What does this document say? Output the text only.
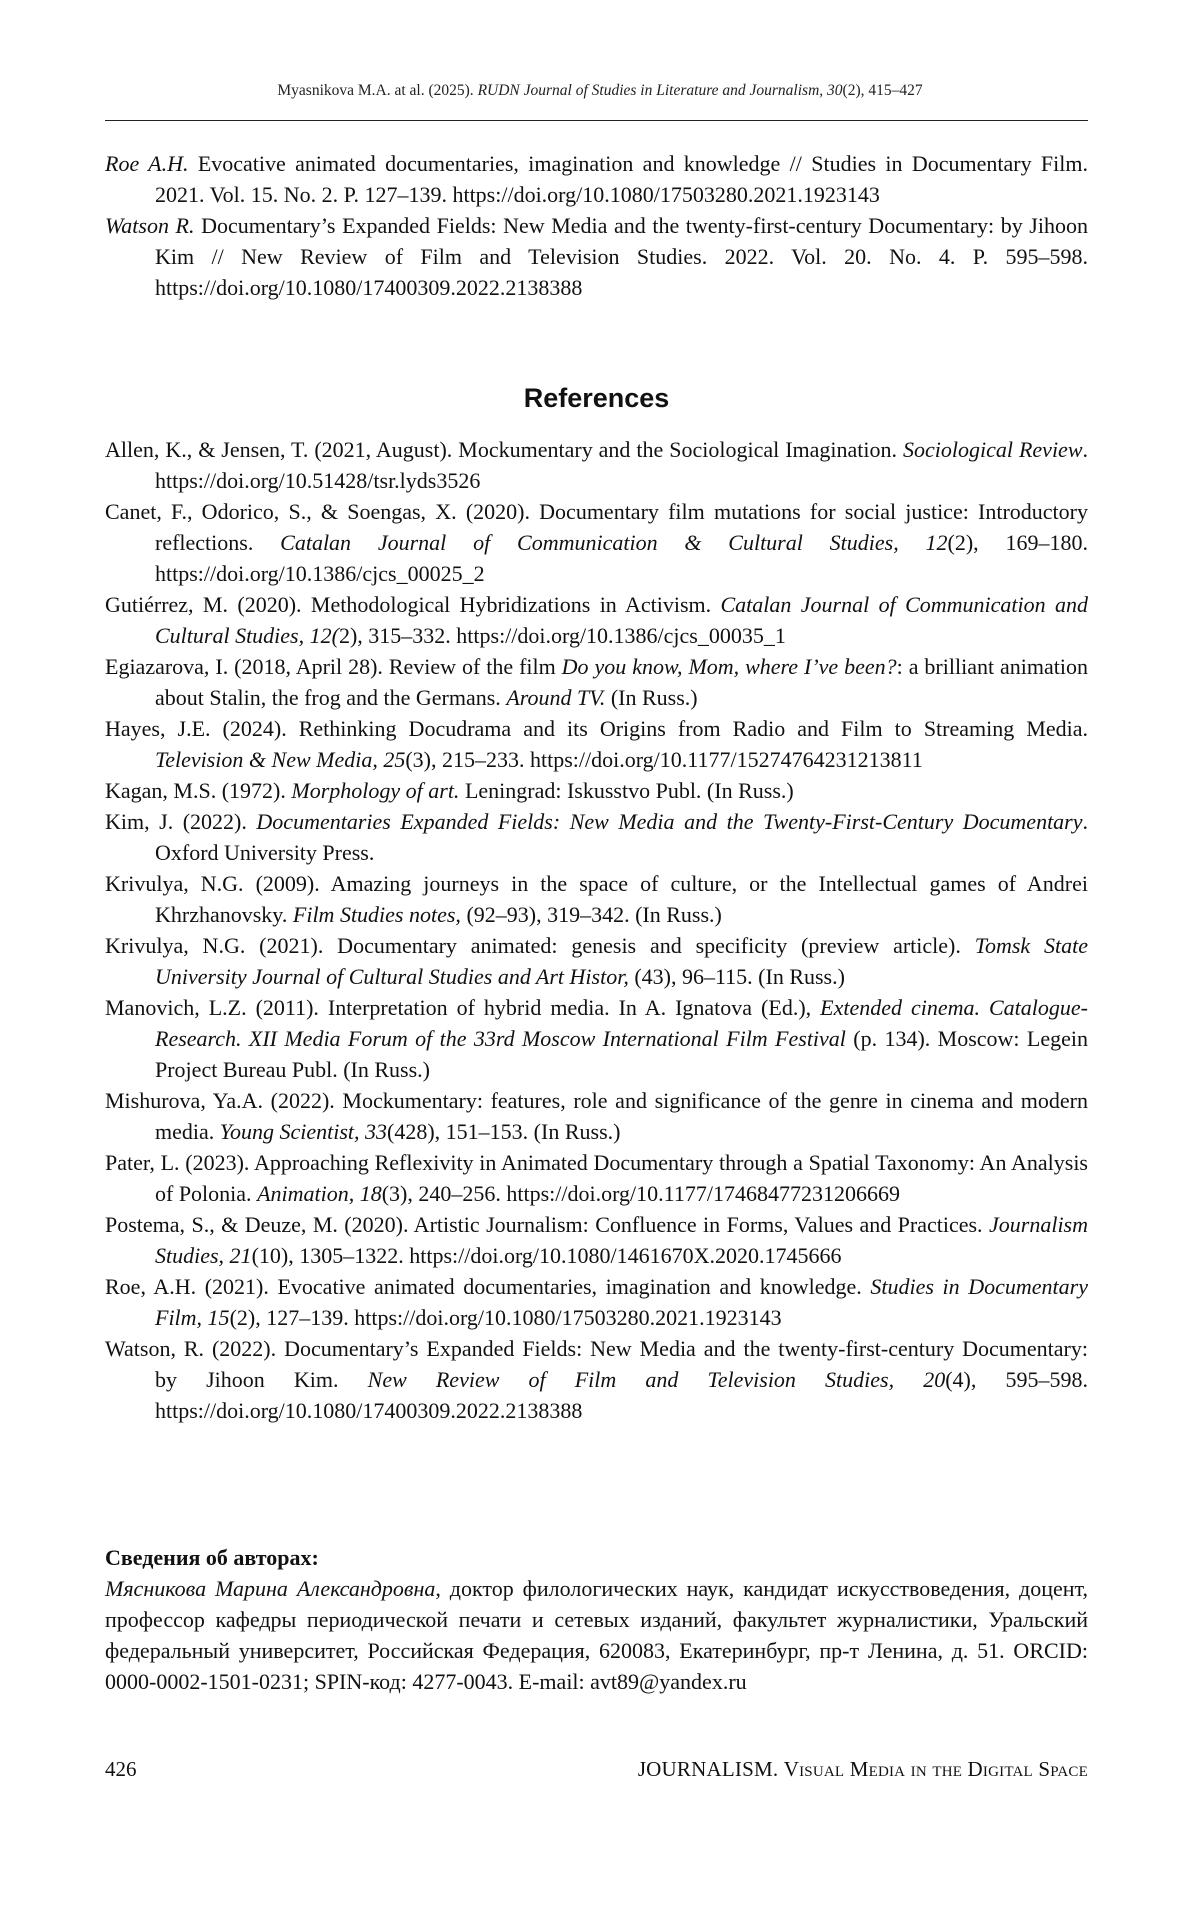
Myasnikova M.A. at al. (2025). RUDN Journal of Studies in Literature and Journalism, 30(2), 415–427

Roe A.H. Evocative animated documentaries, imagination and knowledge // Studies in Documentary Film. 2021. Vol. 15. No. 2. P. 127–139. https://doi.org/10.1080/17503280.2021.1923143

Watson R. Documentary’s Expanded Fields: New Media and the twenty-first-century Documentary: by Jihoon Kim // New Review of Film and Television Studies. 2022. Vol. 20. No. 4. P. 595–598. https://doi.org/10.1080/17400309.2022.2138388

References

Allen, K., & Jensen, T. (2021, August). Mockumentary and the Sociological Imagination. Sociological Review. https://doi.org/10.51428/tsr.lyds3526

Canet, F., Odorico, S., & Soengas, X. (2020). Documentary film mutations for social justice: Introductory reflections. Catalan Journal of Communication & Cultural Studies, 12(2), 169–180. https://doi.org/10.1386/cjcs_00025_2

Gutiérrez, M. (2020). Methodological Hybridizations in Activism. Catalan Journal of Communication and Cultural Studies, 12(2), 315–332. https://doi.org/10.1386/cjcs_00035_1

Egiazarova, I. (2018, April 28). Review of the film Do you know, Mom, where I’ve been?: a brilliant animation about Stalin, the frog and the Germans. Around TV. (In Russ.)

Hayes, J.E. (2024). Rethinking Docudrama and its Origins from Radio and Film to Streaming Media. Television & New Media, 25(3), 215–233. https://doi.org/10.1177/15274764231213811

Kagan, M.S. (1972). Morphology of art. Leningrad: Iskusstvo Publ. (In Russ.)

Kim, J. (2022). Documentaries Expanded Fields: New Media and the Twenty-First-Century Documentary. Oxford University Press.

Krivulya, N.G. (2009). Amazing journeys in the space of culture, or the Intellectual games of Andrei Khrzhanovsky. Film Studies notes, (92–93), 319–342. (In Russ.)

Krivulya, N.G. (2021). Documentary animated: genesis and specificity (preview article). Tomsk State University Journal of Cultural Studies and Art Histor, (43), 96–115. (In Russ.)

Manovich, L.Z. (2011). Interpretation of hybrid media. In A. Ignatova (Ed.), Extended cinema. Catalogue-Research. XII Media Forum of the 33rd Moscow International Film Festival (p. 134). Moscow: Legein Project Bureau Publ. (In Russ.)

Mishurova, Ya.A. (2022). Mockumentary: features, role and significance of the genre in cinema and modern media. Young Scientist, 33(428), 151–153. (In Russ.)

Pater, L. (2023). Approaching Reflexivity in Animated Documentary through a Spatial Taxonomy: An Analysis of Polonia. Animation, 18(3), 240–256. https://doi.org/10.1177/17468477231206669

Postema, S., & Deuze, M. (2020). Artistic Journalism: Confluence in Forms, Values and Practices. Journalism Studies, 21(10), 1305–1322. https://doi.org/10.1080/1461670X.2020.1745666

Roe, A.H. (2021). Evocative animated documentaries, imagination and knowledge. Studies in Documentary Film, 15(2), 127–139. https://doi.org/10.1080/17503280.2021.1923143

Watson, R. (2022). Documentary’s Expanded Fields: New Media and the twenty-first-century Documentary: by Jihoon Kim. New Review of Film and Television Studies, 20(4), 595–598. https://doi.org/10.1080/17400309.2022.2138388

Сведения об авторах:

Мясникова Марина Александровна, доктор филологических наук, кандидат искусствоведения, доцент, профессор кафедры периодической печати и сетевых изданий, факультет журналистики, Уральский федеральный университет, Российская Федерация, 620083, Екатеринбург, пр-т Ленина, д. 51. ORCID: 0000-0002-1501-0231; SPIN-код: 4277-0043. E-mail: avt89@yandex.ru

426	JOURNALISM. Visual Media in the Digital Space
